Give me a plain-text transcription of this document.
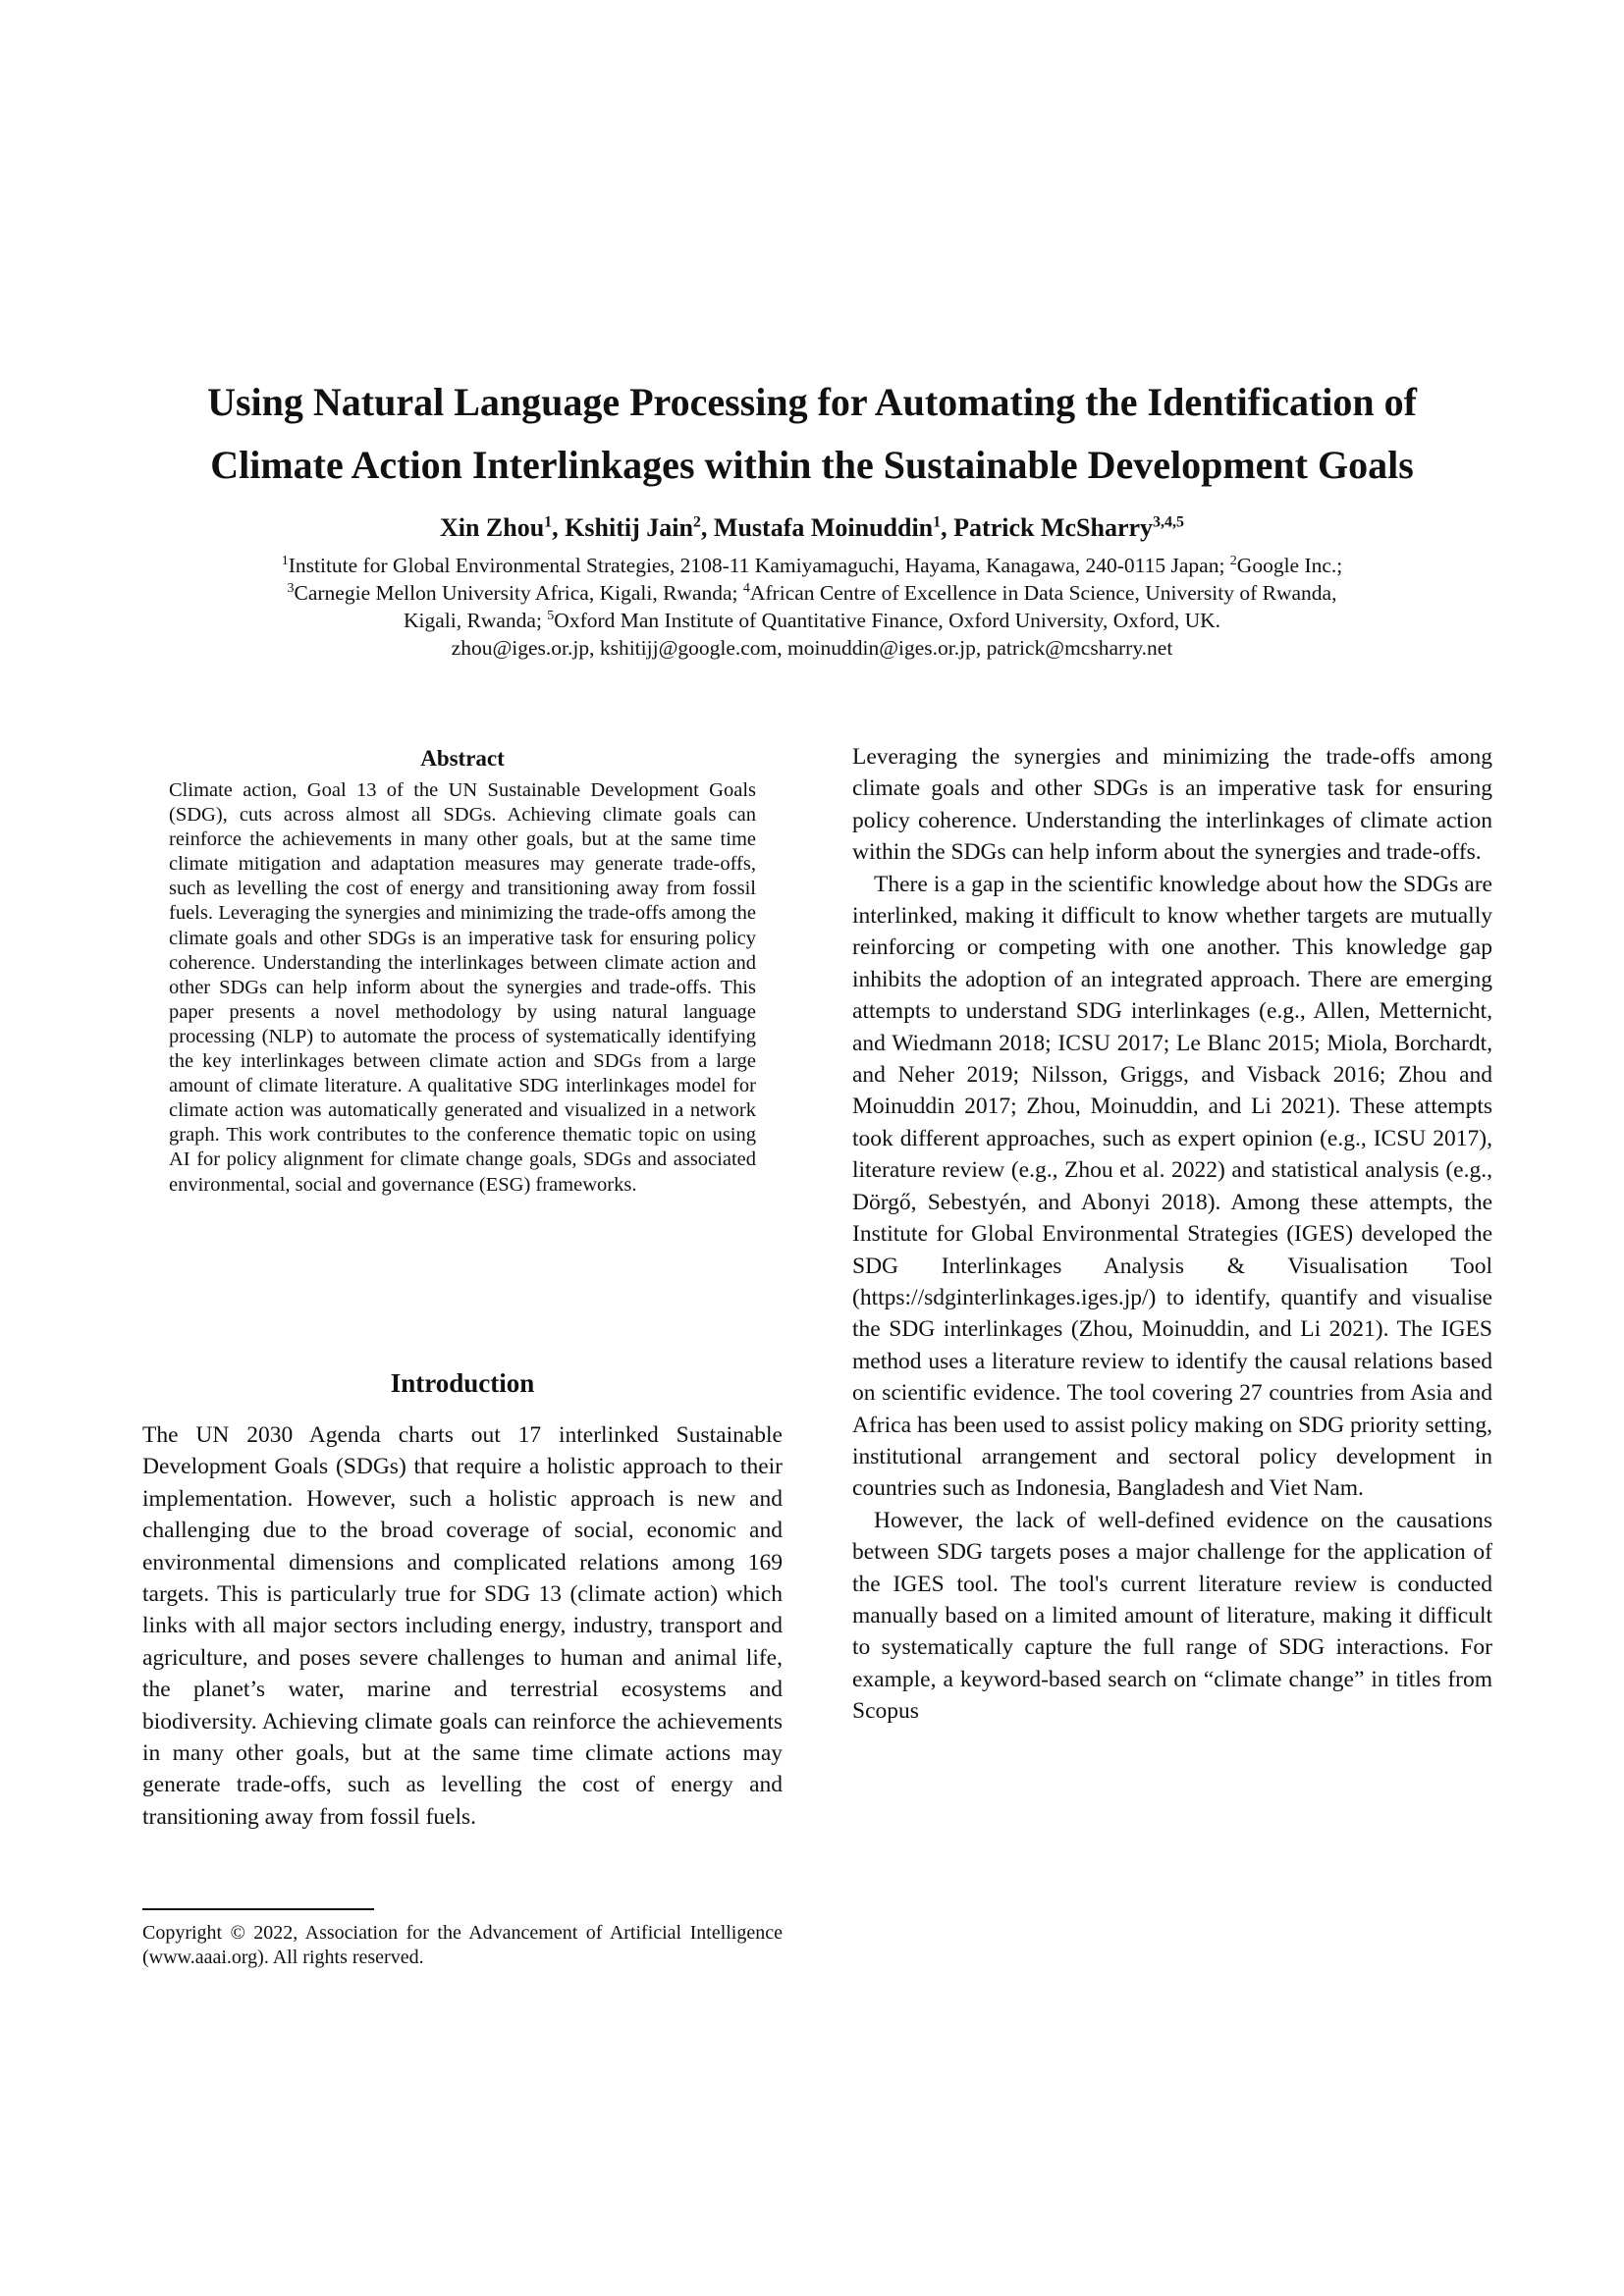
Using Natural Language Processing for Automating the Identification of
Climate Action Interlinkages within the Sustainable Development Goals
Xin Zhou$^1$, Kshitij Jain$^2$, Mustafa Moinuddin$^1$, Patrick McSharry$^{3,4,5}$
$^1$Institute for Global Environmental Strategies, 2108-11 Kamiyamaguchi, Hayama, Kanagawa, 240-0115 Japan; $^2$Google Inc.;
$^3$Carnegie Mellon University Africa, Kigali, Rwanda; $^4$African Centre of Excellence in Data Science, University of Rwanda,
Kigali, Rwanda; $^5$Oxford Man Institute of Quantitative Finance, Oxford University, Oxford, UK.
zhou@iges.or.jp, kshitijj@google.com, moinuddin@iges.or.jp, patrick@mcsharry.net
Abstract
Climate action, Goal 13 of the UN Sustainable Development Goals (SDG), cuts across almost all SDGs. Achieving climate goals can reinforce the achievements in many other goals, but at the same time climate mitigation and adaptation measures may generate trade-offs, such as levelling the cost of energy and transitioning away from fossil fuels. Leveraging the synergies and minimizing the trade-offs among the climate goals and other SDGs is an imperative task for ensuring policy coherence. Understanding the interlinkages between climate action and other SDGs can help inform about the synergies and trade-offs. This paper presents a novel methodology by using natural language processing (NLP) to automate the process of systematically identifying the key interlinkages between climate action and SDGs from a large amount of climate literature. A qualitative SDG interlinkages model for climate action was automatically generated and visualized in a network graph. This work contributes to the conference thematic topic on using AI for policy alignment for climate change goals, SDGs and associated environmental, social and governance (ESG) frameworks.
Introduction

The UN 2030 Agenda charts out 17 interlinked Sustainable Development Goals (SDGs) that require a holistic approach to their implementation. However, such a holistic approach is new and challenging due to the broad coverage of social, economic and environmental dimensions and complicated relations among 169 targets. This is particularly true for SDG 13 (climate action) which links with all major sectors including energy, industry, transport and agriculture, and poses severe challenges to human and animal life, the planet’s water, marine and terrestrial ecosystems and biodiversity. Achieving climate goals can reinforce the achievements in many other goals, but at the same time climate actions may generate trade-offs, such as levelling the cost of energy and transitioning away from fossil fuels.

Copyright © 2022, Association for the Advancement of Artificial Intelligence (www.aaai.org). All rights reserved.

Leveraging the synergies and minimizing the trade-offs among climate goals and other SDGs is an imperative task for ensuring policy coherence. Understanding the interlinkages of climate action within the SDGs can help inform about the synergies and trade-offs.

There is a gap in the scientific knowledge about how the SDGs are interlinked, making it difficult to know whether targets are mutually reinforcing or competing with one another. This knowledge gap inhibits the adoption of an integrated approach. There are emerging attempts to understand SDG interlinkages (e.g., Allen, Metternicht, and Wiedmann 2018; ICSU 2017; Le Blanc 2015; Miola, Borchardt, and Neher 2019; Nilsson, Griggs, and Visback 2016; Zhou and Moinuddin 2017; Zhou, Moinuddin, and Li 2021). These attempts took different approaches, such as expert opinion (e.g., ICSU 2017), literature review (e.g., Zhou et al. 2022) and statistical analysis (e.g., Dörgő, Sebestyén, and Abonyi 2018). Among these attempts, the Institute for Global Environmental Strategies (IGES) developed the SDG Interlinkages Analysis & Visualisation Tool (https://sdginterlinkages.iges.jp/) to identify, quantify and visualise the SDG interlinkages (Zhou, Moinuddin, and Li 2021). The IGES method uses a literature review to identify the causal relations based on scientific evidence. The tool covering 27 countries from Asia and Africa has been used to assist policy making on SDG priority setting, institutional arrangement and sectoral policy development in countries such as Indonesia, Bangladesh and Viet Nam.

However, the lack of well-defined evidence on the causations between SDG targets poses a major challenge for the application of the IGES tool. The tool's current literature review is conducted manually based on a limited amount of literature, making it difficult to systematically capture the full range of SDG interactions. For example, a keyword-based search on “climate change” in titles from Scopus
